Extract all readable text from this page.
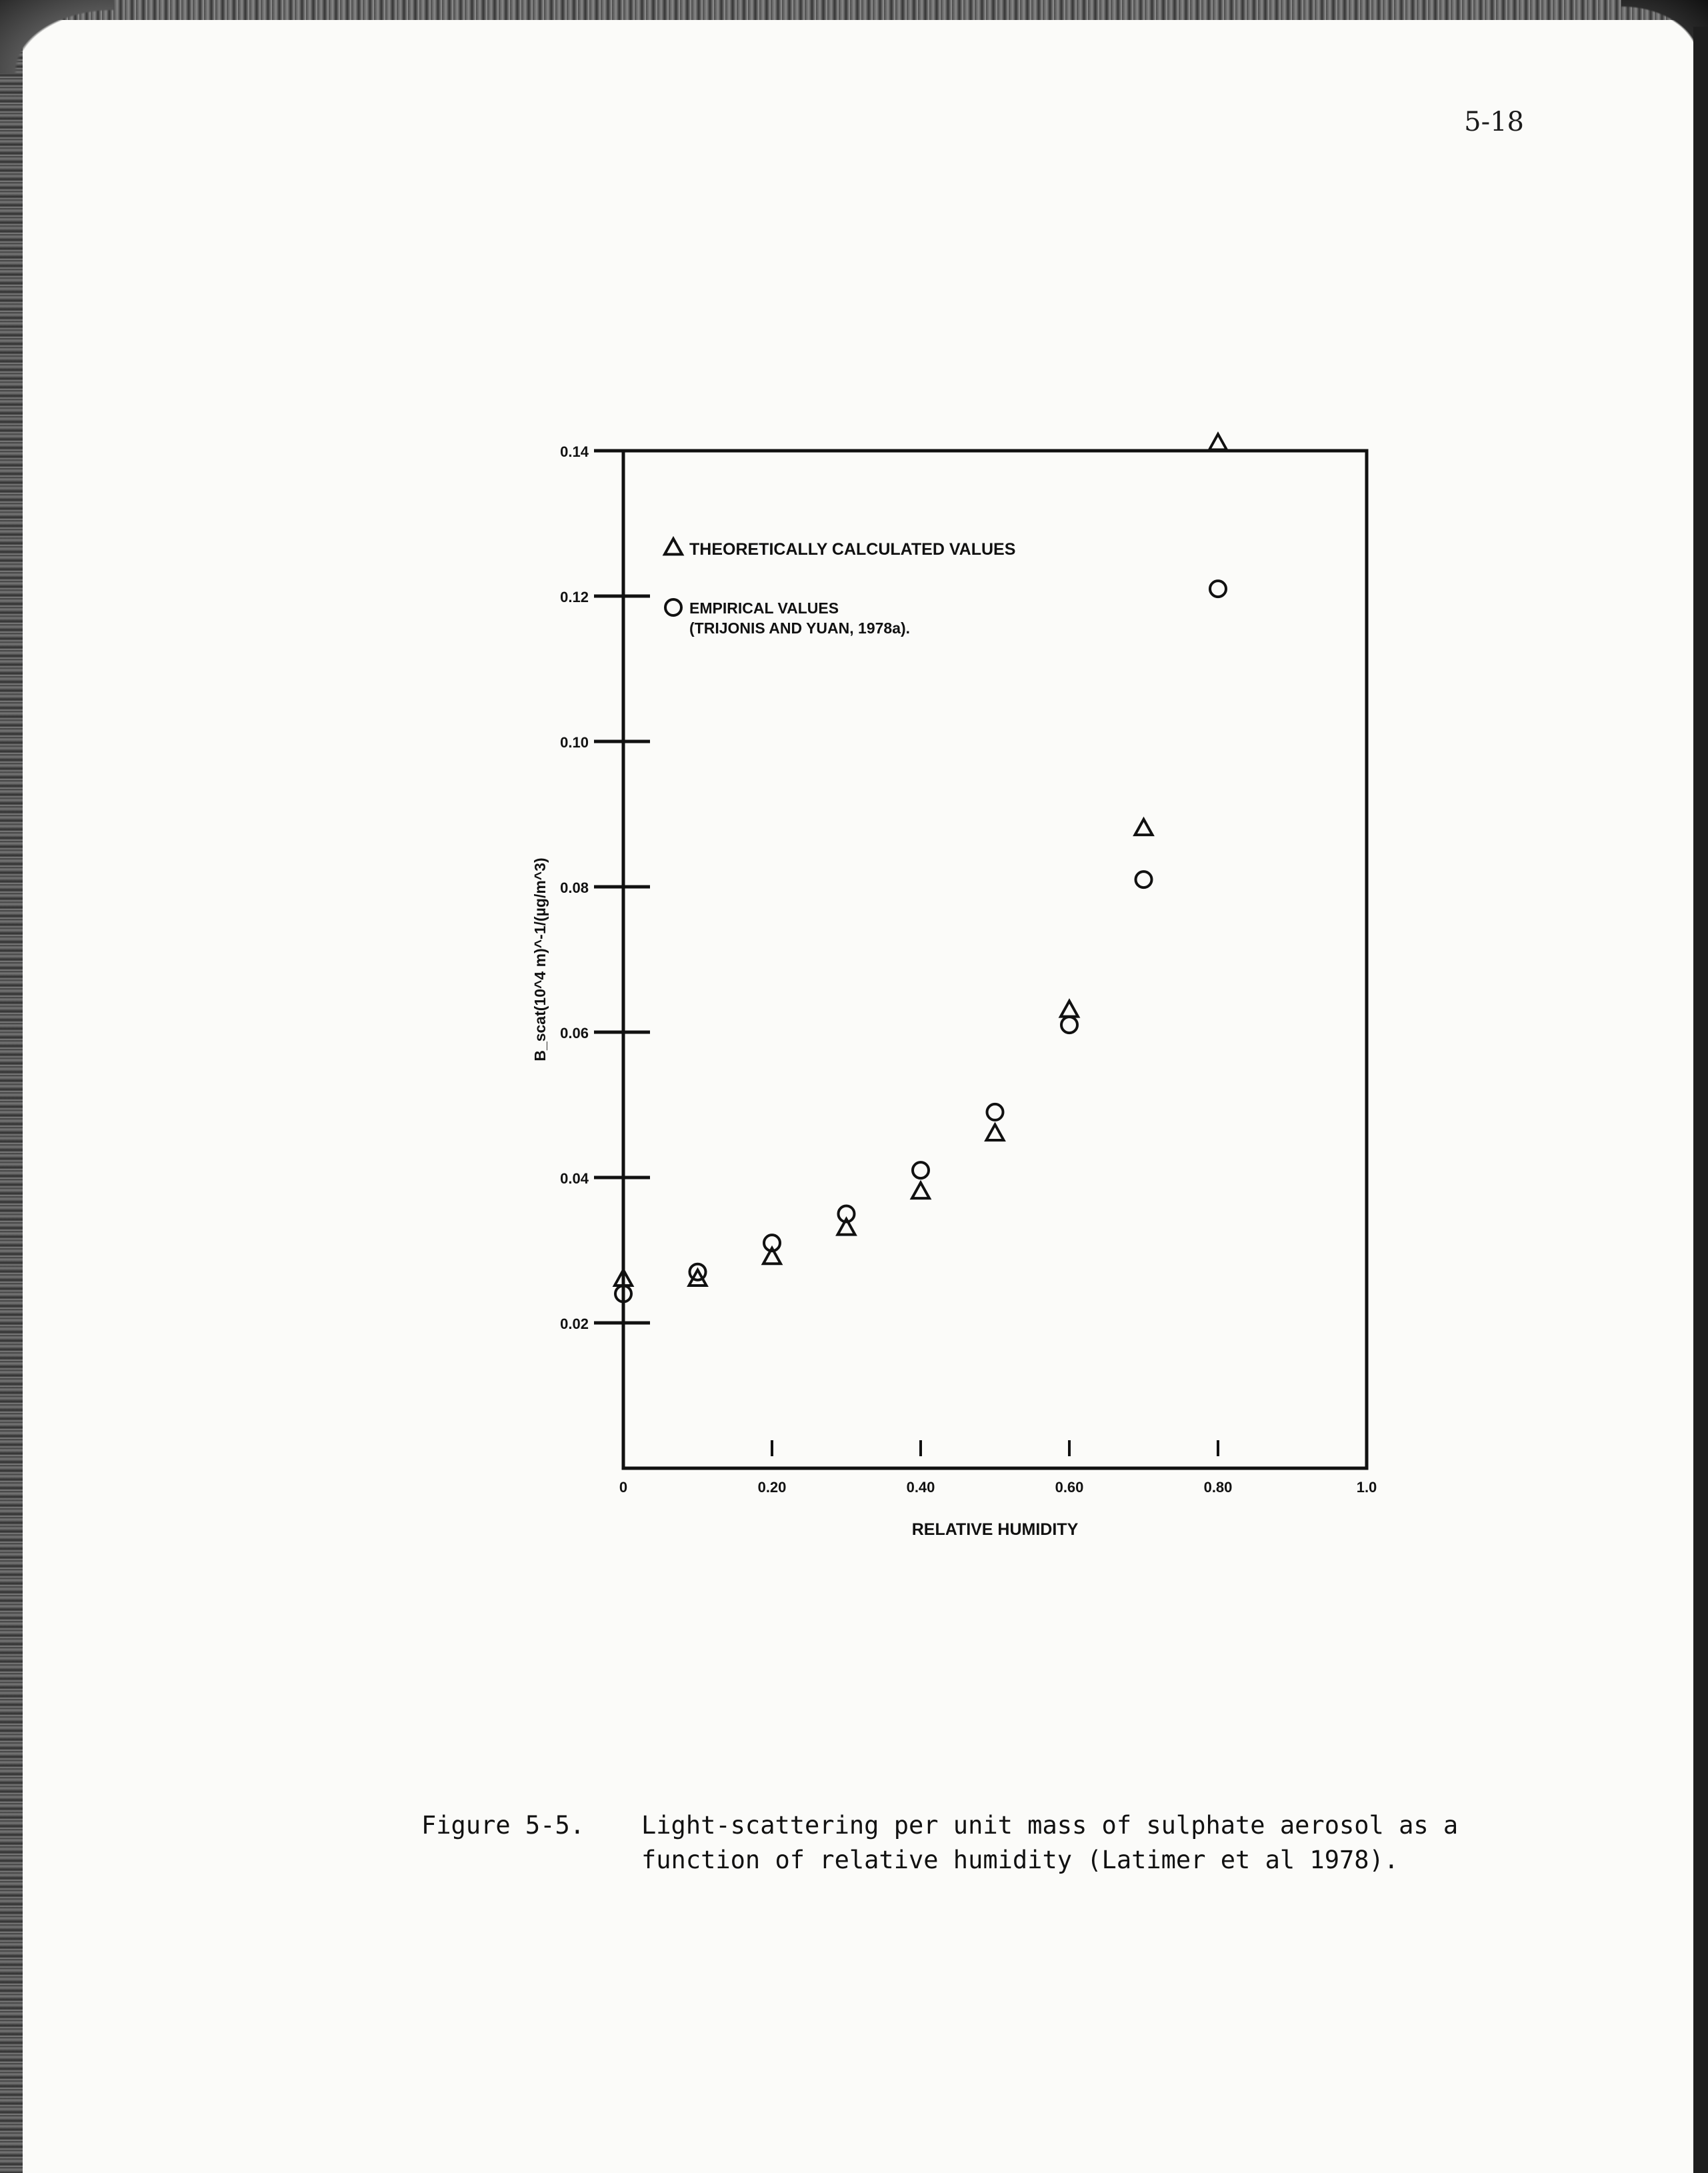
5-18
0.02
0.04
0.06
0.08
0.10
0.12
0.14
0	0.20	0.40	0.60	0.80	1.0
RELATIVE HUMIDITY
B_scat(10^4 m)^-1/(µg/m^3)
THEORETICALLY CALCULATED VALUES
EMPIRICAL VALUES
(TRIJONIS AND YUAN, 1978a).
Figure 5-5. Light-scattering per unit mass of sulphate aerosol as a
function of relative humidity (Latimer et al 1978).
